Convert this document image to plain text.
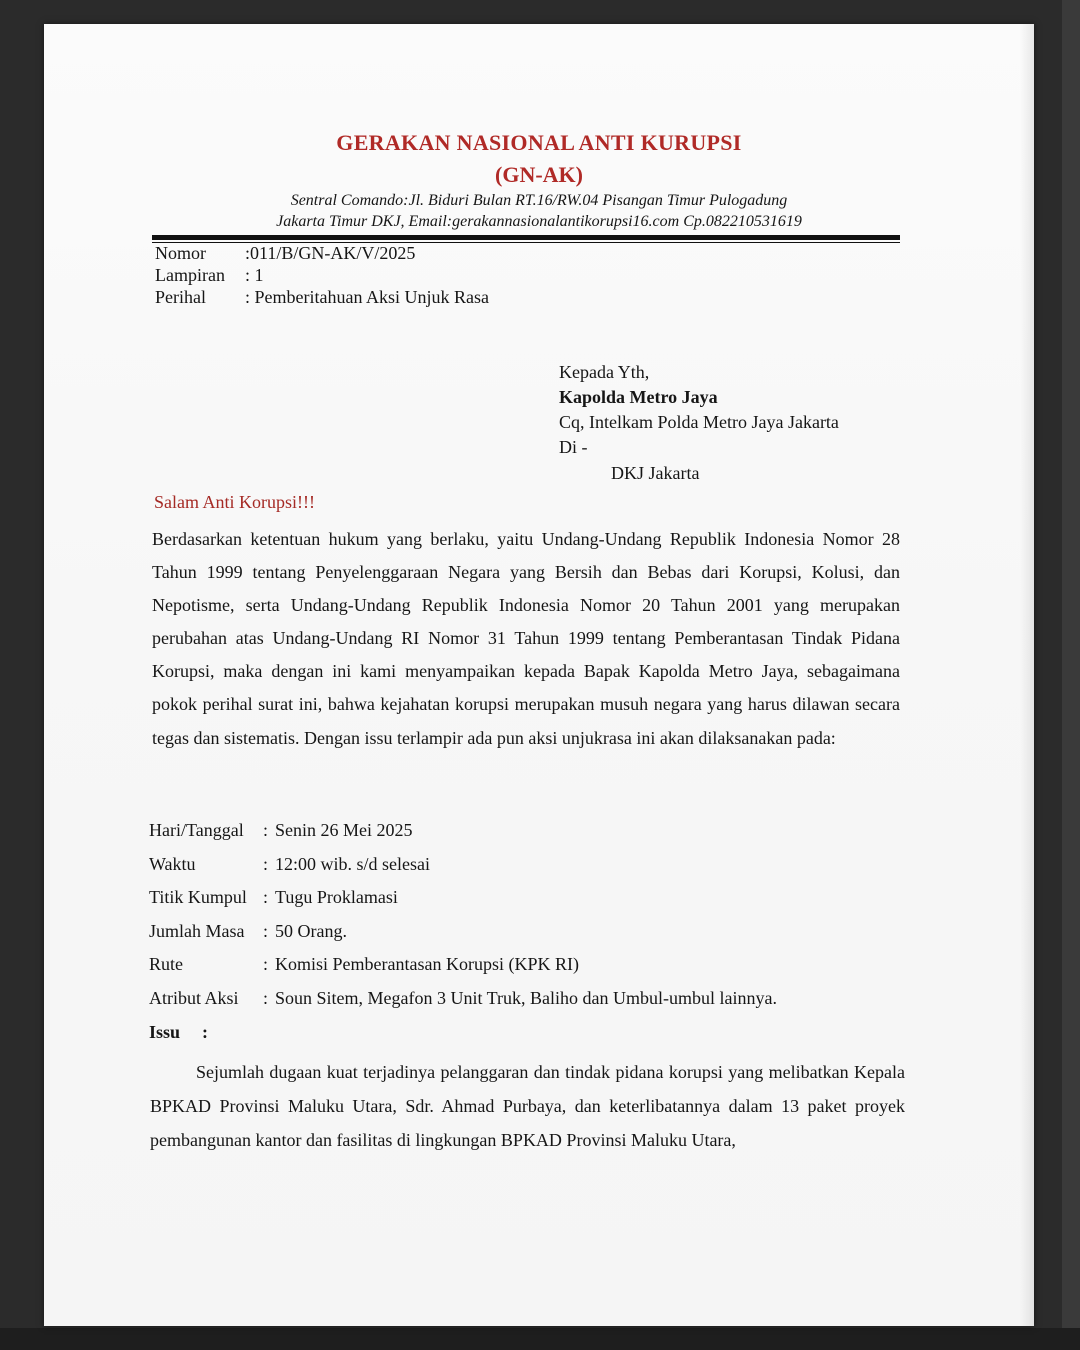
GERAKAN NASIONAL ANTI KURUPSI
(GN-AK)
Sentral Comando:Jl. Biduri Bulan RT.16/RW.04 Pisangan Timur Pulogadung
Jakarta Timur DKJ, Email:gerakannasionalantikorupsi16.com Cp.082210531619
Nomor :011/B/GN-AK/V/2025
Lampiran : 1
Perihal : Pemberitahuan Aksi Unjuk Rasa
Kepada Yth,
Kapolda Metro Jaya
Cq, Intelkam Polda Metro Jaya Jakarta
Di -
DKJ Jakarta
Salam Anti Korupsi!!!
Berdasarkan ketentuan hukum yang berlaku, yaitu Undang-Undang Republik Indonesia Nomor 28 Tahun 1999 tentang Penyelenggaraan Negara yang Bersih dan Bebas dari Korupsi, Kolusi, dan Nepotisme, serta Undang-Undang Republik Indonesia Nomor 20 Tahun 2001 yang merupakan perubahan atas Undang-Undang RI Nomor 31 Tahun 1999 tentang Pemberantasan Tindak Pidana Korupsi, maka dengan ini kami menyampaikan kepada Bapak Kapolda Metro Jaya, sebagaimana pokok perihal surat ini, bahwa kejahatan korupsi merupakan musuh negara yang harus dilawan secara tegas dan sistematis. Dengan issu terlampir ada pun aksi unjukrasa ini akan dilaksanakan pada:
Hari/Tanggal : Senin 26 Mei 2025
Waktu	: 12:00 wib. s/d selesai
Titik Kumpul : Tugu Proklamasi
Jumlah Masa : 50 Orang.
Rute	: Komisi Pemberantasan Korupsi (KPK RI)
Atribut Aksi : Soun Sitem, Megafon 3 Unit Truk, Baliho dan Umbul-umbul lainnya.
Issu :
Sejumlah dugaan kuat terjadinya pelanggaran dan tindak pidana korupsi yang melibatkan Kepala BPKAD Provinsi Maluku Utara, Sdr. Ahmad Purbaya, dan keterlibatannya dalam 13 paket proyek pembangunan kantor dan fasilitas di lingkungan BPKAD Provinsi Maluku Utara,
